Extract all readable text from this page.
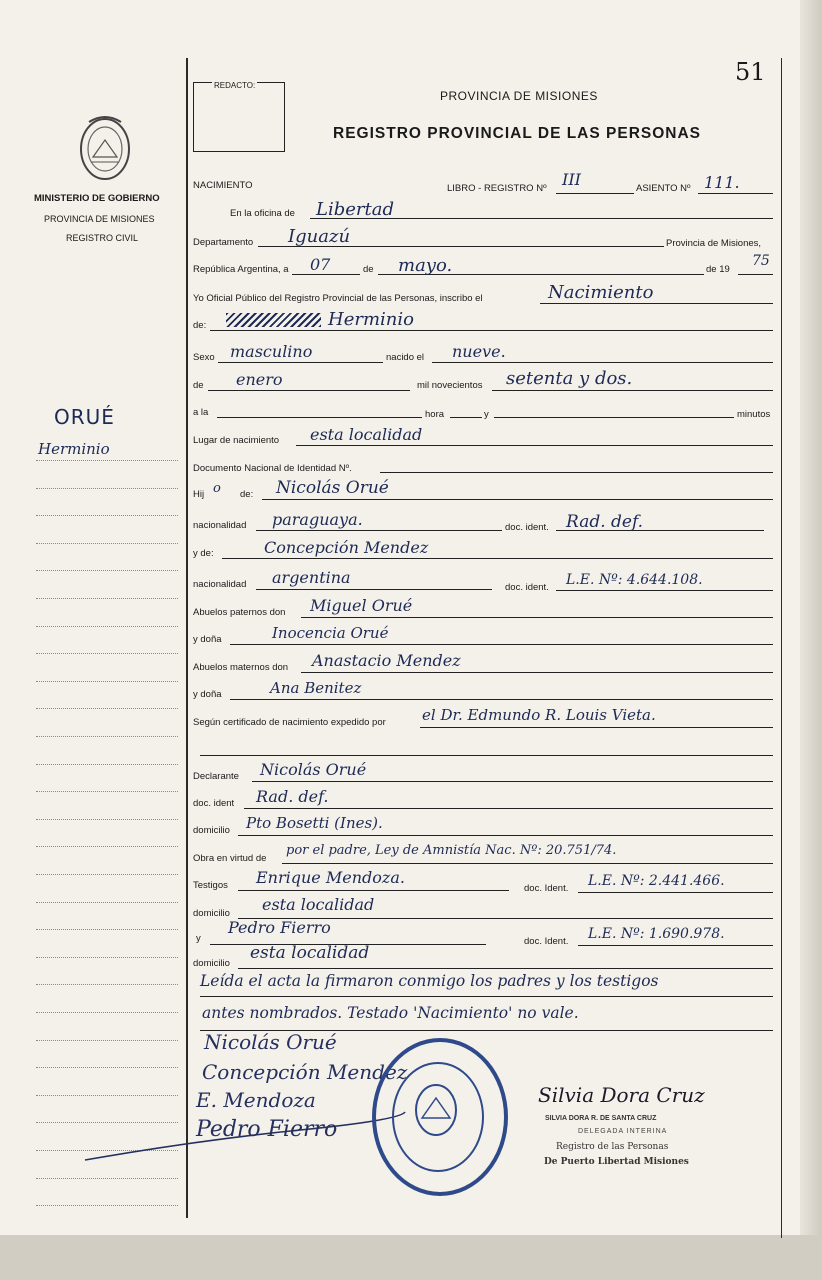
51
MINISTERIO DE GOBIERNO
PROVINCIA DE MISIONES
REGISTRO CIVIL
ORUÉ
Herminio
REDACTO:
PROVINCIA DE MISIONES
REGISTRO PROVINCIAL DE LAS PERSONAS
NACIMIENTO	LIBRO - REGISTRO Nº III	ASIENTO Nº 111.
En la oficina de Libertad
Departamento Iguazú	Provincia de Misiones,
República Argentina, a 07	de mayo.	de 19
75
Yo Oficial Público del Registro Provincial de las Personas, inscribo el	Nacimiento
de:	Herminio
Sexo masculino	nacido el nueve.
de enero	mil novecientos setenta y dos.
a la	hora	y	minutos
Lugar de nacimiento esta localidad
Documento Nacional de Identidad Nº.
Hij o de: Nicolás Orué
nacionalidad paraguaya.	doc. ident. Rad. def.
y de:	Concepción Mendez
nacionalidad argentina
doc. ident. L.E. Nº: 4.644.108.
Abuelos paternos don Miguel Orué
y doña	Inocencia Orué
Abuelos maternos don Anastacio Mendez
y doña	Ana Benitez
Según certificado de nacimiento expedido por el Dr. Edmundo R. Louis Vieta.
Declarante Nicolás Orué
doc. ident Rad. def.
domicilio Pto Bosetti (Ines).
Obra en virtud de
por el padre, Ley de Amnistía Nac. Nº: 20.751/74.
Testigos Enrique Mendoza.
doc. Ident. L.E. Nº: 2.441.466.
domicilio esta localidad
y
Pedro Fierro
doc. Ident. L.E. Nº: 1.690.978.
domicilio
esta localidad
Leída el acta la firmaron conmigo los padres y los testigos
antes nombrados. Testado 'Nacimiento' no vale.
Nicolás Orué
Concepción Mendez
E. Mendoza
Pedro Fierro
Silvia Dora Cruz
SILVIA DORA R. DE SANTA CRUZ
DELEGADA INTERINA
Registro de las Personas
De Puerto Libertad Misiones
